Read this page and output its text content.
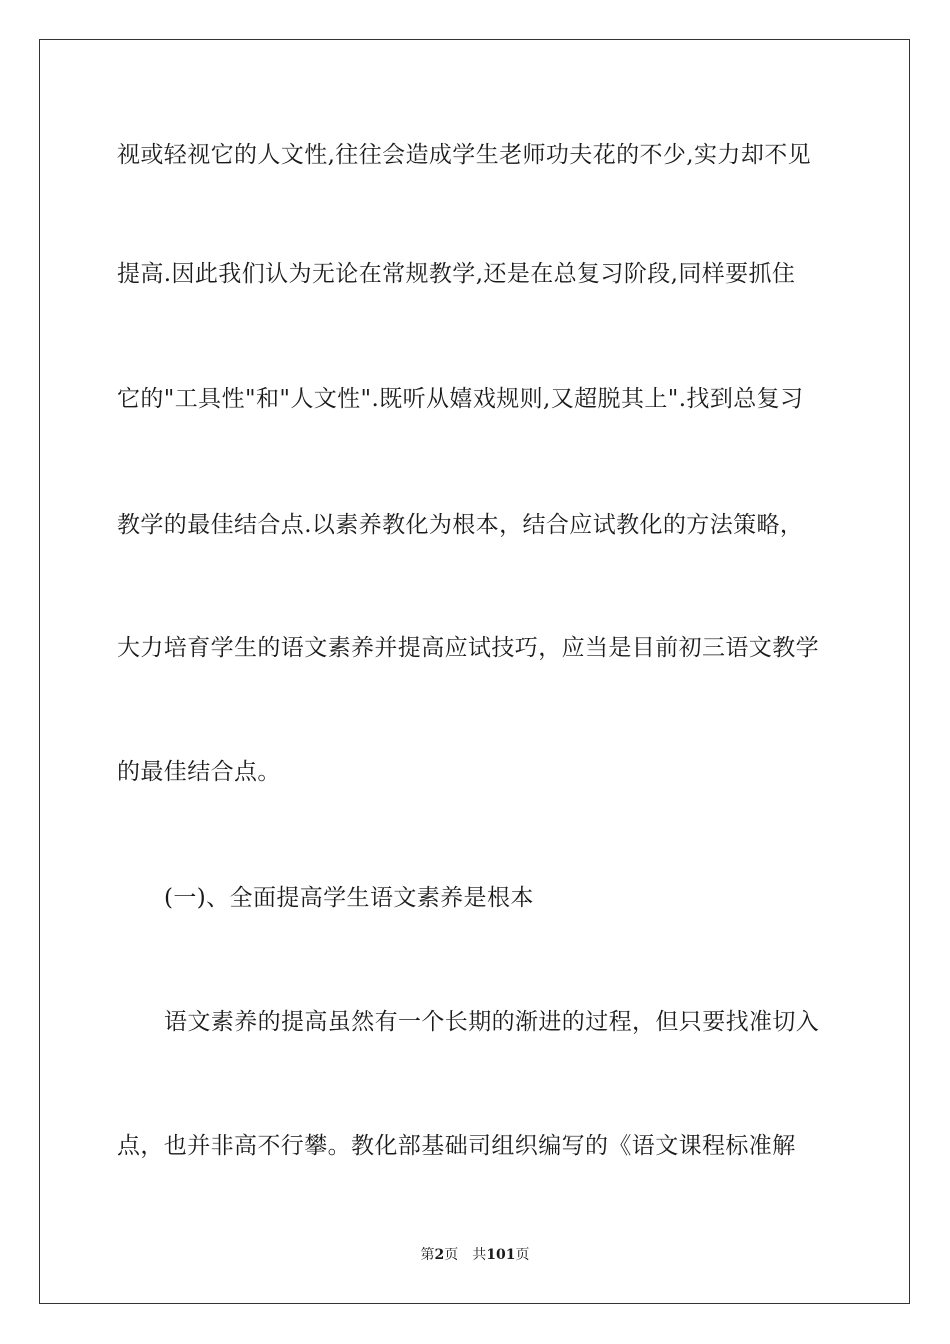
视或轻视它的人文性,往往会造成学生老师功夫花的不少,实力却不见
提高.因此我们认为无论在常规教学,还是在总复习阶段,同样要抓住
它的"工具性"和"人文性".既听从嬉戏规则,又超脱其上".找到总复习
教学的最佳结合点.以素养教化为根本，结合应试教化的方法策略，
大力培育学生的语文素养并提高应试技巧，应当是目前初三语文教学
的最佳结合点。
(一)、全面提高学生语文素养是根本
语文素养的提高虽然有一个长期的渐进的过程，但只要找准切入
点，也并非高不行攀。教化部基础司组织编写的《语文课程标准解
第2页 共101页
